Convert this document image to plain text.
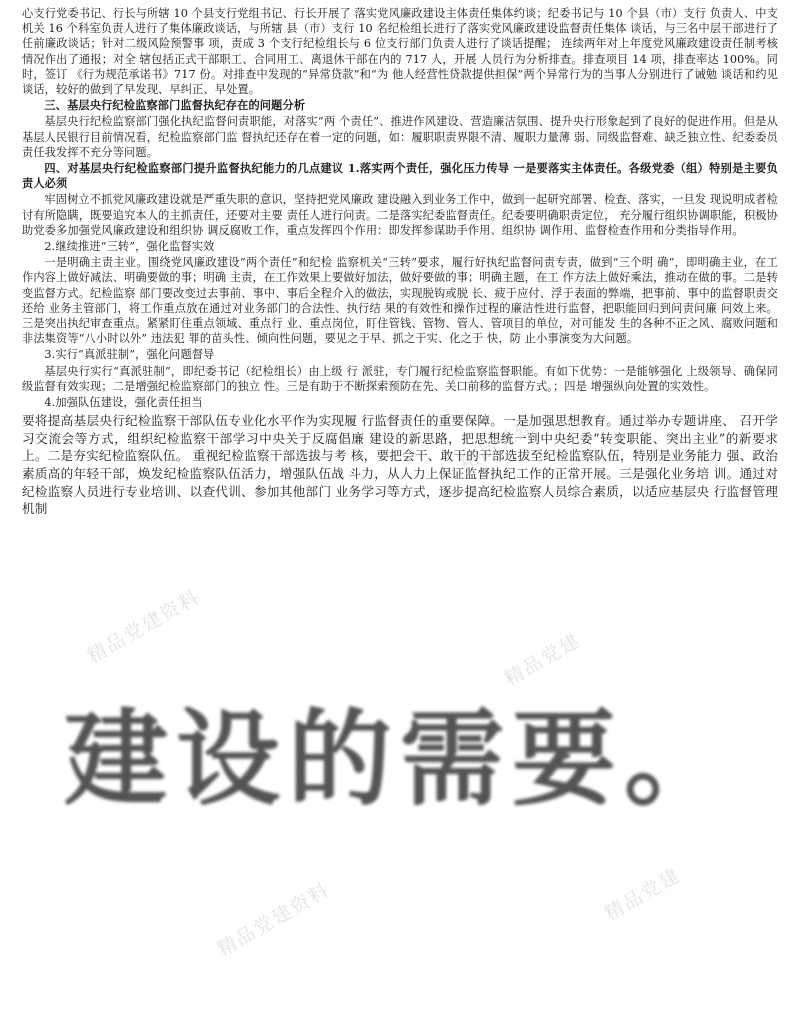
精品党建
精品党建资料	精品党建
精品党建资料	精品党建

心支行党委书记、行长与所辖 10 个县支行党组书记、行长开展了 落实党风廉政建设主体责任集体约谈；纪委书记与 10 个县（市）支行 负责人、中支机关 16 个科室负责人进行了集体廉政谈话，与所辖 县（市）支行 10 名纪检组长进行了落实党风廉政建设监督责任集体 谈话，与三名中层干部进行了任前廉政谈话；针对二级风险预警事 项，责成 3 个支行纪检组长与 6 位支行部门负责人进行了谈话提醒； 连续两年对上年度党风廉政建设责任制考核情况作出了通报；对全 辖包括正式干部职工、合同用工、离退休干部在内的 717 人，开展 人员行为分析排查。排查项目 14 项，排查率达 100%。同时，签订 《行为规范承诺书》717 份。对排查中发现的“异常贷款”和“为 他人经营性贷款提供担保”两个异常行为的当事人分别进行了诫勉 谈话和约见谈话，较好的做到了早发现、早纠正、早处置。

三、基层央行纪检监察部门监督执纪存在的问题分析

基层央行纪检监察部门强化执纪监督问责职能，对落实“两 个责任”、推进作风建设、营造廉洁氛围、提升央行形象起到了良好的促进作用。但是从基层人民银行目前情况看，纪检监察部门监 督执纪还存在着一定的问题，如：履职职责界限不清、履职力量薄 弱、同级监督难、缺乏独立性、纪委委员责任我发挥不充分等问题。

四、对基层央行纪检监察部门提升监督执纪能力的几点建议 1.落实两个责任，强化压力传导 一是要落实主体责任。各级党委（组）特别是主要负责人必须

牢固树立不抓党风廉政建设就是严重失职的意识，坚持把党风廉政 建设融入到业务工作中，做到一起研究部署、检查、落实，一旦发 现说明成者检讨有所隐瞒，既要追究本人的主抓责任，还要对主要 责任人进行问责。二是落实纪委监督责任。纪委要明确职责定位， 充分履行组织协调职能，积极协助党委多加强党风廉政建设和组织协 调反腐败工作，重点发挥四个作用：即发挥参谋助手作用、组织协 调作用、监督检查作用和分类指导作用。

2.继续推进“三转”，强化监督实效

一是明确主责主业。围绕党风廉政建设“两个责任”和纪检 监察机关“三转”要求，履行好执纪监督问责专责，做到“三个明 确”，即明确主业，在工作内容上做好减法、明确要做的事；明确 主责，在工作效果上要做好加法，做好要做的事；明确主题，在工 作方法上做好乘法，推动在做的事。二是转变监督方式。纪检监察 部门要改变过去事前、事中、事后全程介入的做法，实现脱钩或脱 长、疲于应付、浮于表面的弊端，把事前、事中的监督职责交还给 业务主管部门，将工作重点放在通过对业务部门的合法性、执行结 果的有效性和操作过程的廉洁性进行监督，把职能回归到问责问廉 问效上来。三是突出执纪审查重点。紧紧盯住重点领域、重点行 业、重点岗位，盯住管钱、管物、管人、管项目的单位，对可能发 生的各种不正之风、腐败问题和非法集资等“八小时以外” 违法犯 罪的苗头性、倾向性问题，要见之于早、抓之于实、化之于 快，防 止小事演变为大问题。

3.实行“真派驻制”，强化问题督导

基层央行实行“真派驻制”，即纪委书记（纪检组长）由上级 行 派驻，专门履行纪检监察监督职能。有如下优势：一是能够强化 上级领导、确保同级监督有效实现；二是增强纪检监察部门的独立 性。三是有助于不断探索预防在先、关口前移的监督方式。；四是 增强纵向处置的实效性。

4.加强队伍建设，强化责任担当

要将提高基层央行纪检监察干部队伍专业化水平作为实现履 行监督责任的重要保障。一是加强思想教育。通过举办专题讲座、 召开学习交流会等方式，组织纪检监察干部学习中央关于反腐倡廉 建设的新思路，把思想统一到中央纪委“转变职能、突出主业”的新要求上。二是夯实纪检监察队伍。 重视纪检监察干部选拔与考 核，要把会干、敢干的干部选拔至纪检监察队伍，特别是业务能力 强、政治素质高的年轻干部，焕发纪检监察队伍活力，增强队伍战 斗力，从人力上保证监督执纪工作的正常开展。三是强化业务培 训。通过对纪检监察人员进行专业培训、以查代训、参加其他部门 业务学习等方式，逐步提高纪检监察人员综合素质，以适应基层央 行监督管理机制

建设的需要。
